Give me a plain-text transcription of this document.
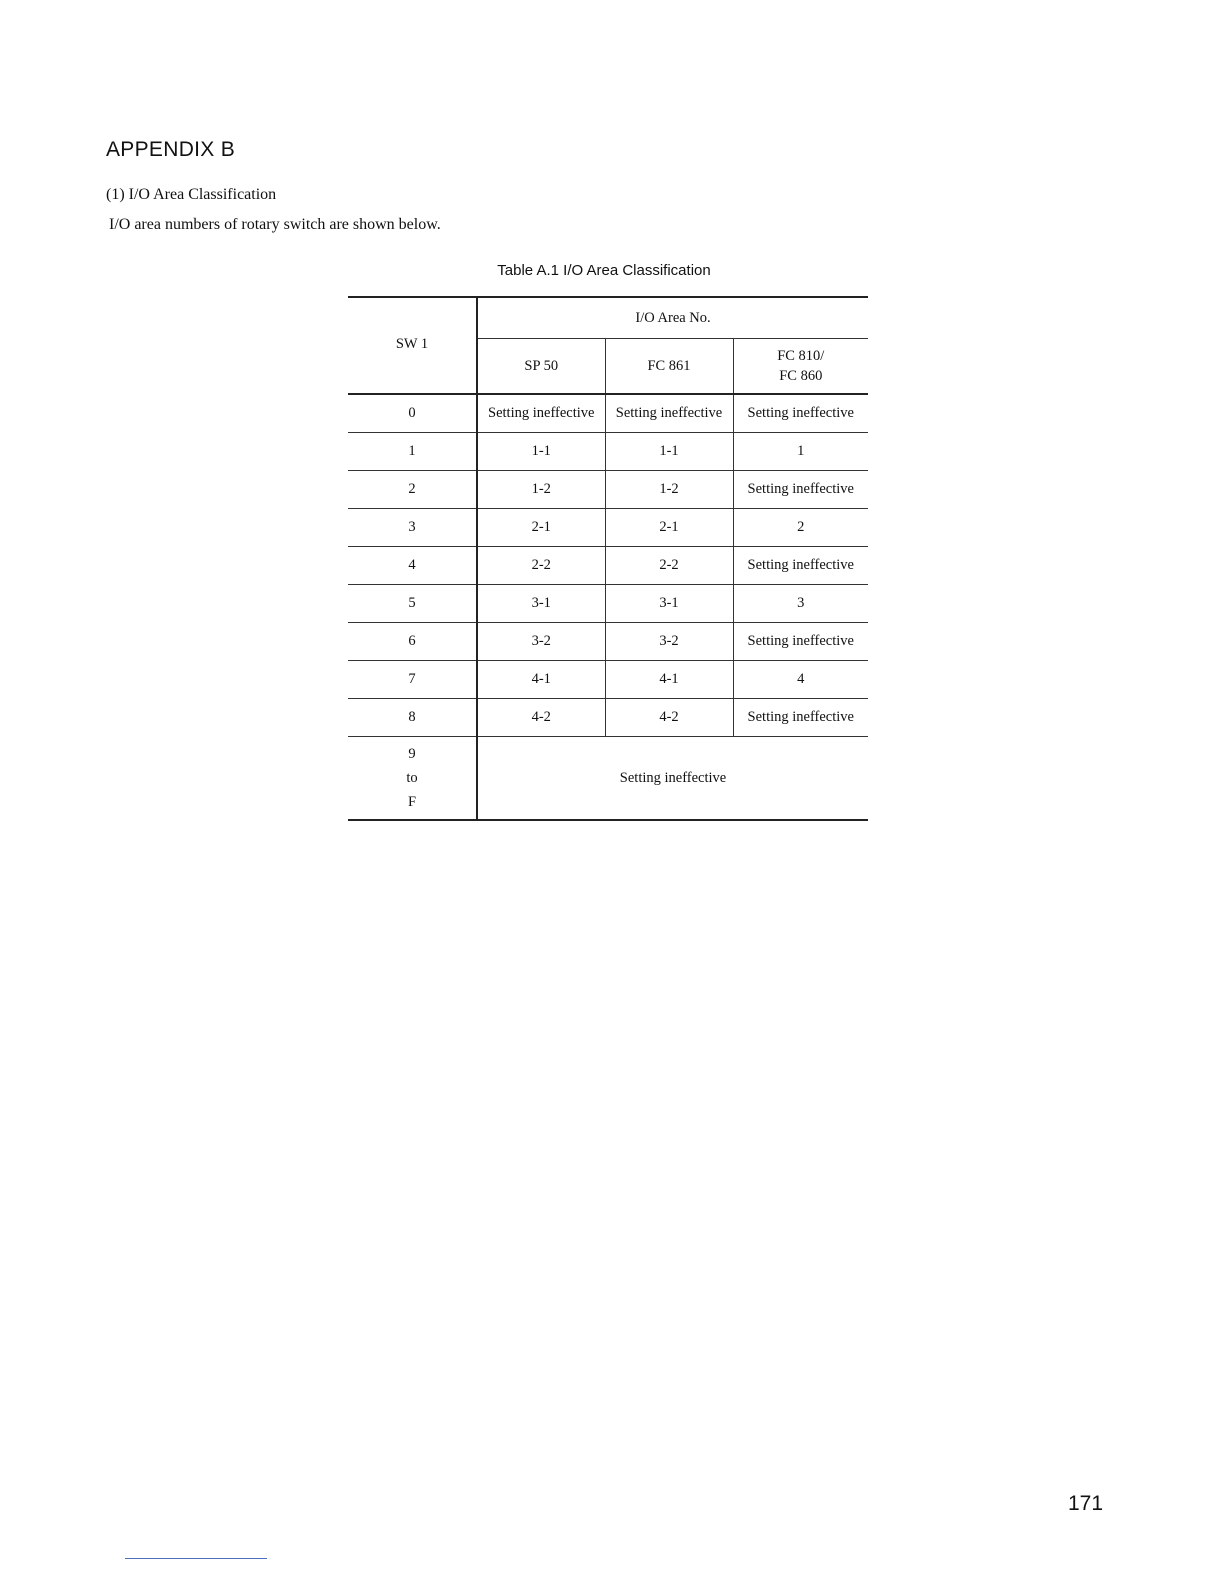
APPENDIX B
(1) I/O Area Classification
I/O area numbers of rotary switch are shown below.
Table A.1 I/O Area Classification
SW 1	I/O Area No.		
	SP 50	FC 861	FC 810/
FC 860

0	Setting ineffective	Setting ineffective	Setting ineffective
1	1-1	1-1	1
2	1-2	1-2	Setting ineffective
3	2-1	2-1	2
4	2-2	2-2	Setting ineffective
5	3-1	3-1	3
6	3-2	3-2	Setting ineffective
7	4-1	4-1	4
8	4-2	4-2	Setting ineffective

9
to
F	Setting ineffective		
171
